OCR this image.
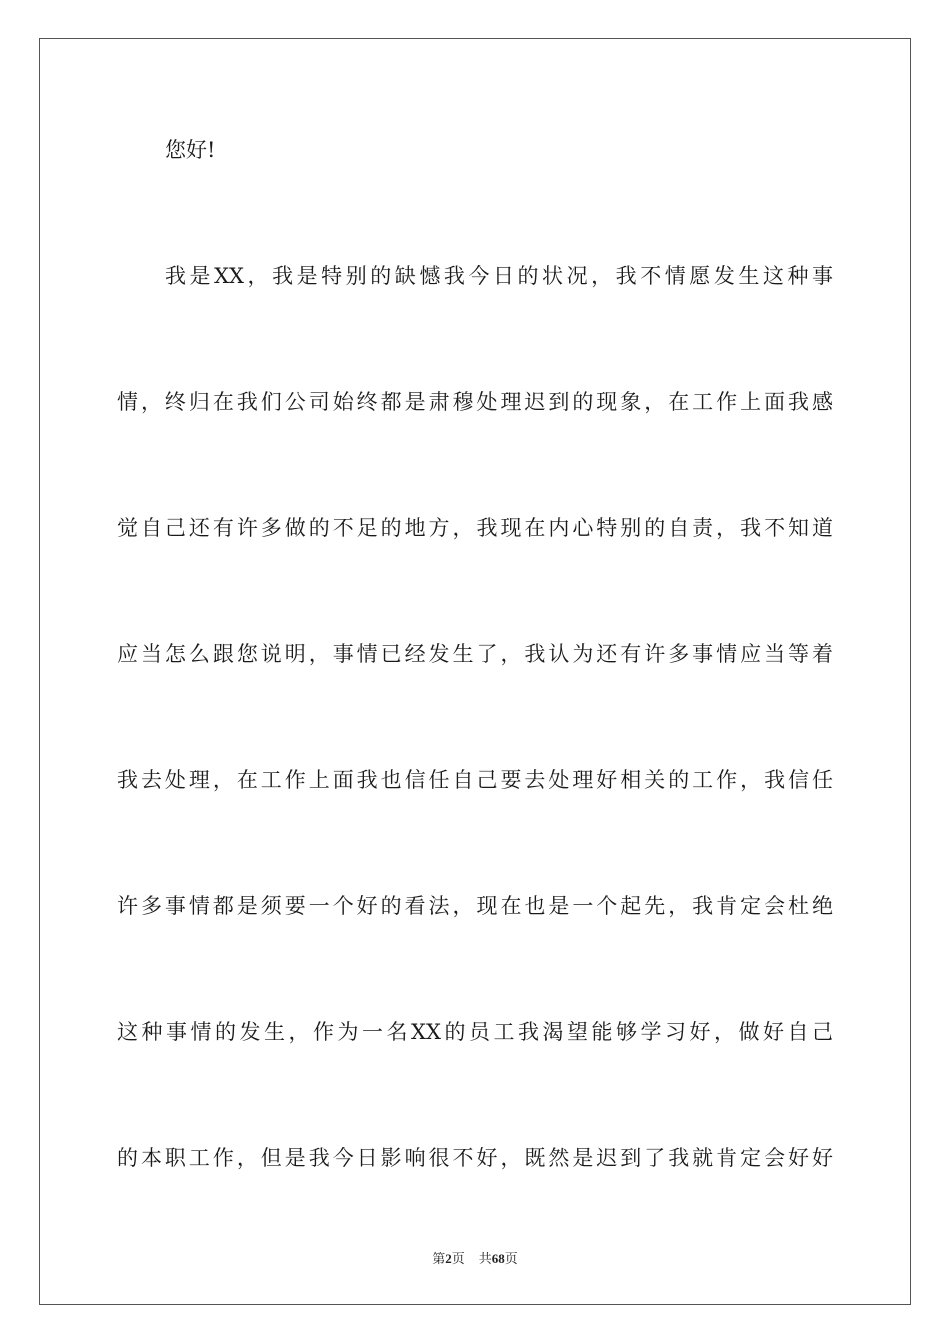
您好!
我是XX，我是特别的缺憾我今日的状况，我不情愿发生这种事
情，终归在我们公司始终都是肃穆处理迟到的现象，在工作上面我感
觉自己还有许多做的不足的地方，我现在内心特别的自责，我不知道
应当怎么跟您说明，事情已经发生了，我认为还有许多事情应当等着
我去处理，在工作上面我也信任自己要去处理好相关的工作，我信任
许多事情都是须要一个好的看法，现在也是一个起先，我肯定会杜绝
这种事情的发生，作为一名XX的员工我渴望能够学习好，做好自己
的本职工作，但是我今日影响很不好，既然是迟到了我就肯定会好好
第2页 共68页
